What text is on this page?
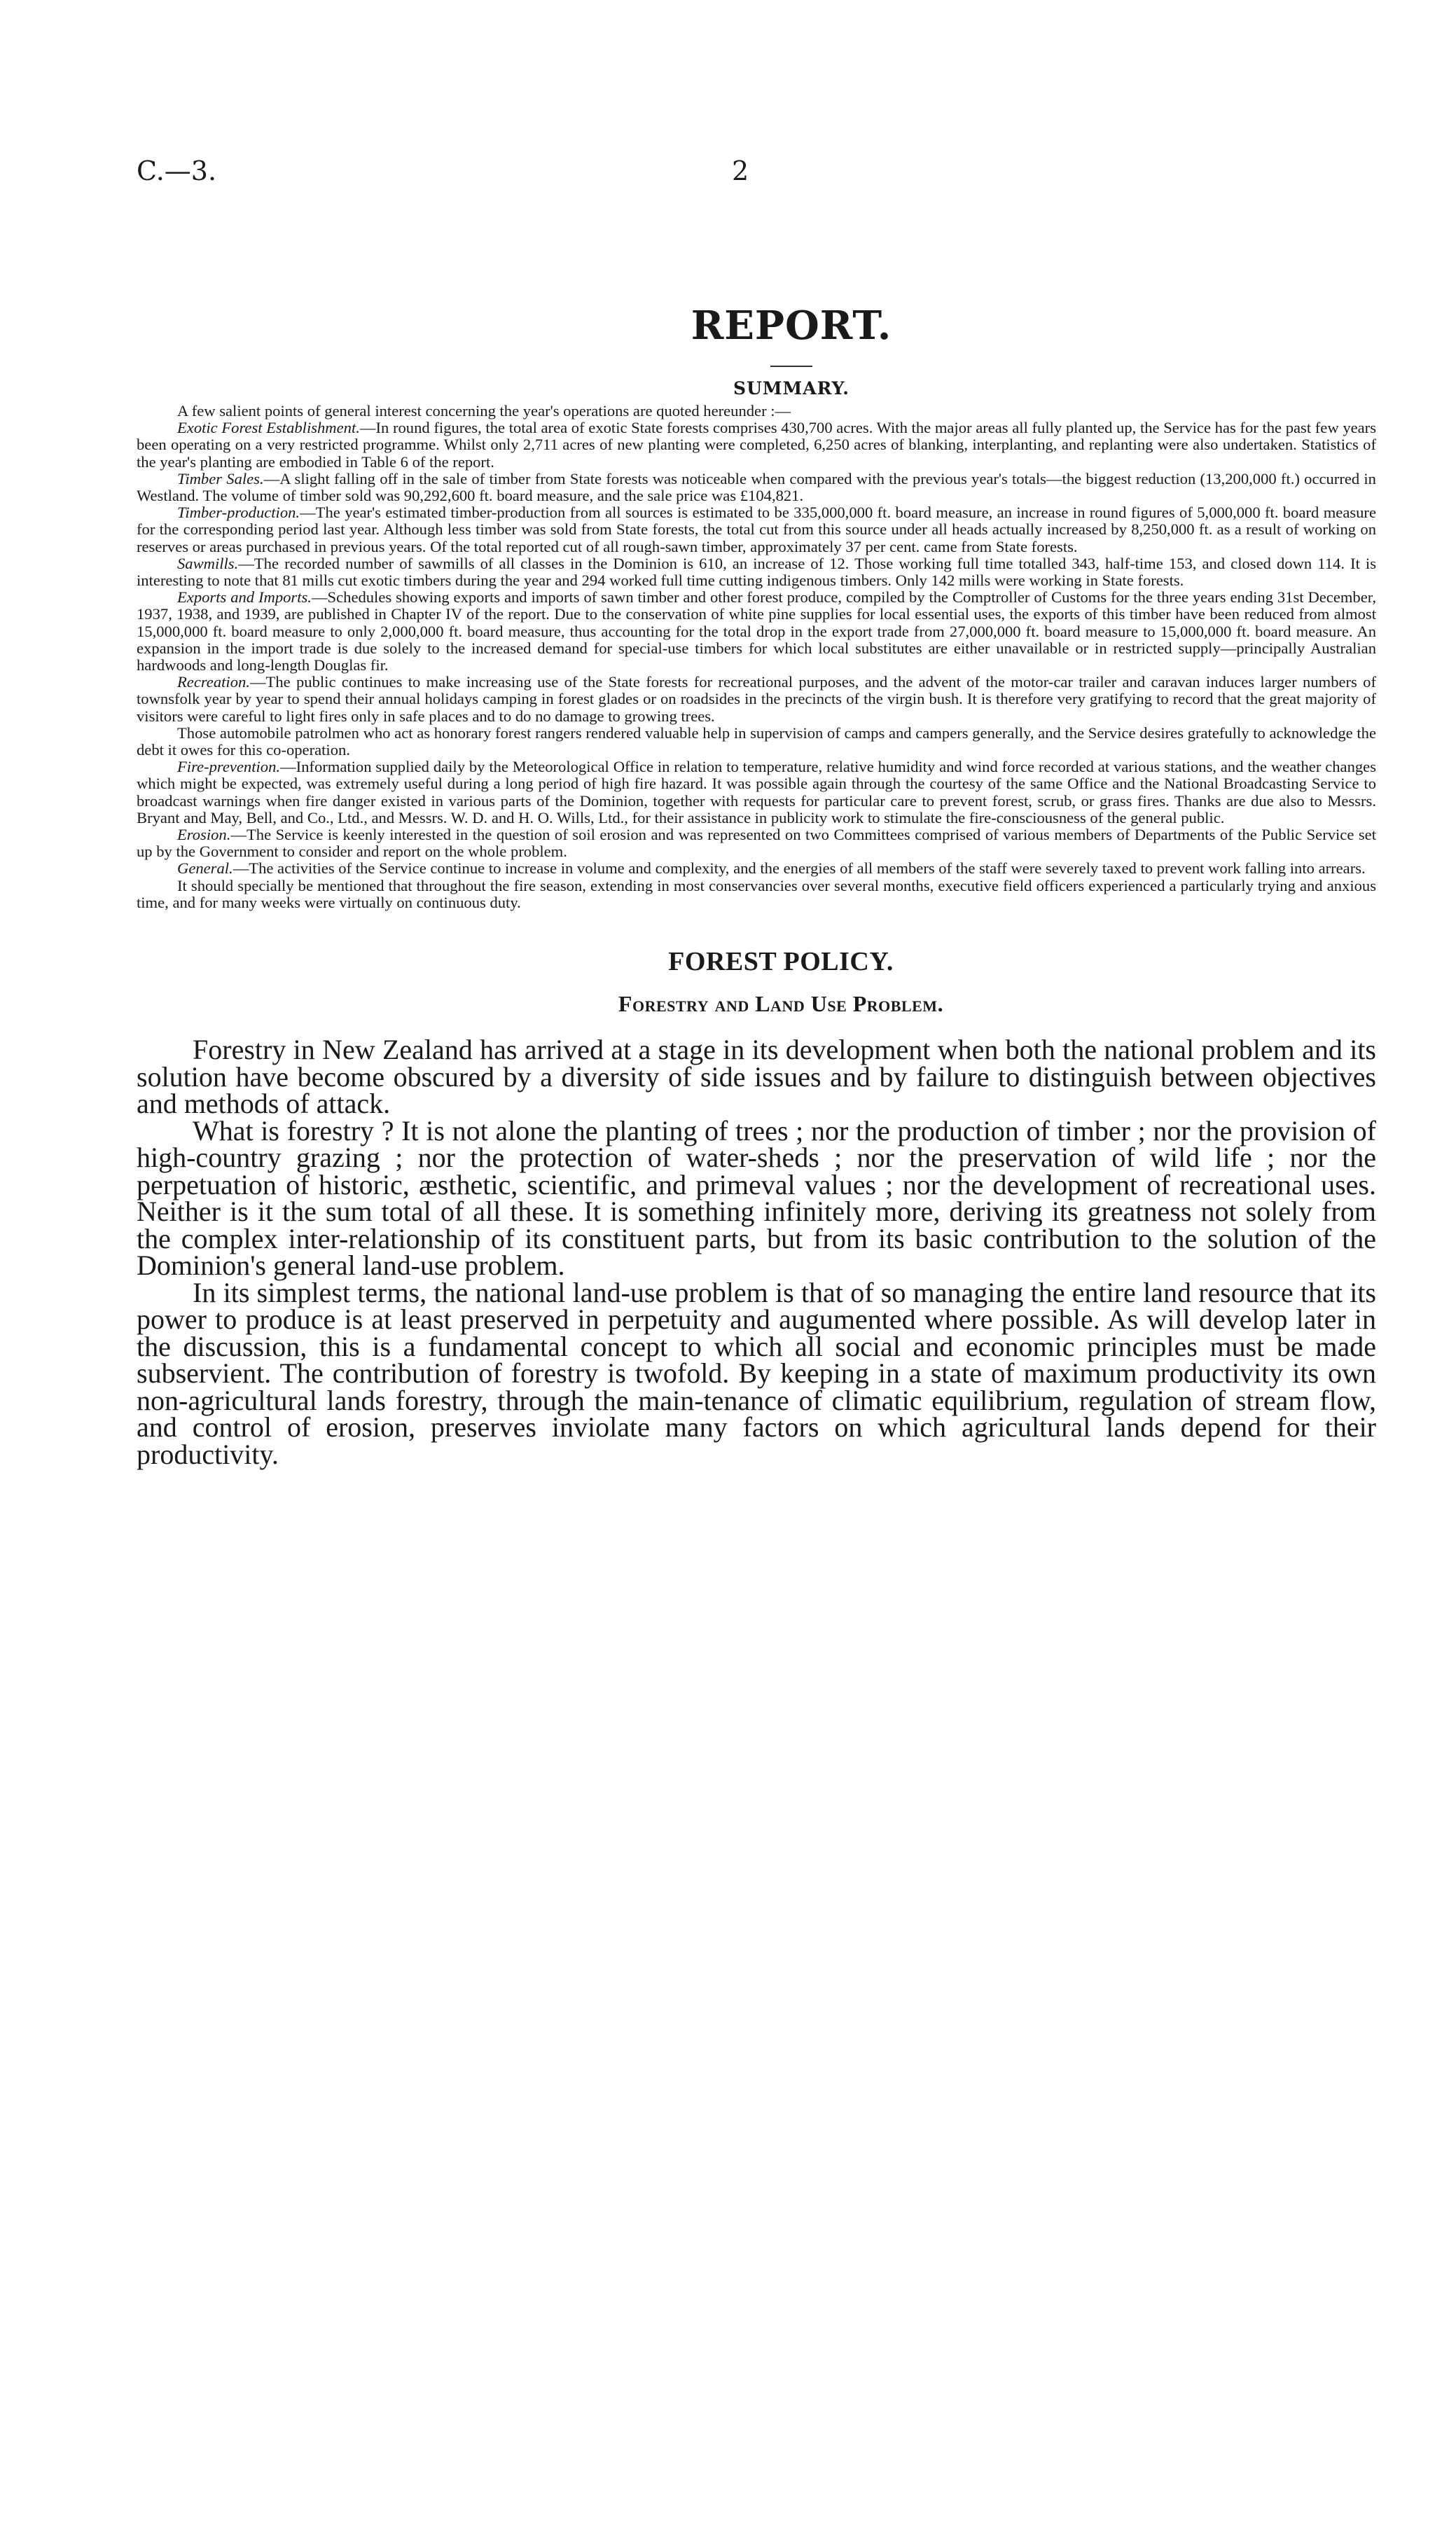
C.—3.	2
REPORT.
SUMMARY.

A few salient points of general interest concerning the year's operations are quoted hereunder :—

Exotic Forest Establishment.—In round figures, the total area of exotic State forests comprises 430,700 acres. With the major areas all fully planted up, the Service has for the past few years been operating on a very restricted programme. Whilst only 2,711 acres of new planting were completed, 6,250 acres of blanking, interplanting, and replanting were also undertaken. Statistics of the year's planting are embodied in Table 6 of the report.

Timber Sales.—A slight falling off in the sale of timber from State forests was noticeable when compared with the previous year's totals—the biggest reduction (13,200,000 ft.) occurred in Westland. The volume of timber sold was 90,292,600 ft. board measure, and the sale price was £104,821.

Timber-production.—The year's estimated timber-production from all sources is estimated to be 335,000,000 ft. board measure, an increase in round figures of 5,000,000 ft. board measure for the corresponding period last year. Although less timber was sold from State forests, the total cut from this source under all heads actually increased by 8,250,000 ft. as a result of working on reserves or areas purchased in previous years. Of the total reported cut of all rough-sawn timber, approximately 37 per cent. came from State forests.

Sawmills.—The recorded number of sawmills of all classes in the Dominion is 610, an increase of 12. Those working full time totalled 343, half-time 153, and closed down 114. It is interesting to note that 81 mills cut exotic timbers during the year and 294 worked full time cutting indigenous timbers. Only 142 mills were working in State forests.

Exports and Imports.—Schedules showing exports and imports of sawn timber and other forest produce, compiled by the Comptroller of Customs for the three years ending 31st December, 1937, 1938, and 1939, are published in Chapter IV of the report. Due to the conservation of white pine supplies for local essential uses, the exports of this timber have been reduced from almost 15,000,000 ft. board measure to only 2,000,000 ft. board measure, thus accounting for the total drop in the export trade from 27,000,000 ft. board measure to 15,000,000 ft. board measure. An expansion in the import trade is due solely to the increased demand for special-use timbers for which local substitutes are either unavailable or in restricted supply—principally Australian hardwoods and long-length Douglas fir.

Recreation.—The public continues to make increasing use of the State forests for recreational purposes, and the advent of the motor-car trailer and caravan induces larger numbers of townsfolk year by year to spend their annual holidays camping in forest glades or on roadsides in the precincts of the virgin bush. It is therefore very gratifying to record that the great majority of visitors were careful to light fires only in safe places and to do no damage to growing trees.

Those automobile patrolmen who act as honorary forest rangers rendered valuable help in supervision of camps and campers generally, and the Service desires gratefully to acknowledge the debt it owes for this co-operation.

Fire-prevention.—Information supplied daily by the Meteorological Office in relation to temperature, relative humidity and wind force recorded at various stations, and the weather changes which might be expected, was extremely useful during a long period of high fire hazard. It was possible again through the courtesy of the same Office and the National Broadcasting Service to broadcast warnings when fire danger existed in various parts of the Dominion, together with requests for particular care to prevent forest, scrub, or grass fires. Thanks are due also to Messrs. Bryant and May, Bell, and Co., Ltd., and Messrs. W. D. and H. O. Wills, Ltd., for their assistance in publicity work to stimulate the fire-consciousness of the general public.

Erosion.—The Service is keenly interested in the question of soil erosion and was represented on two Committees comprised of various members of Departments of the Public Service set up by the Government to consider and report on the whole problem.

General.—The activities of the Service continue to increase in volume and complexity, and the energies of all members of the staff were severely taxed to prevent work falling into arrears.

It should specially be mentioned that throughout the fire season, extending in most conservancies over several months, executive field officers experienced a particularly trying and anxious time, and for many weeks were virtually on continuous duty.

FOREST POLICY.
Forestry and Land Use Problem.

Forestry in New Zealand has arrived at a stage in its development when both the national problem and its solution have become obscured by a diversity of side issues and by failure to distinguish between objectives and methods of attack.

What is forestry ? It is not alone the planting of trees ; nor the production of timber ; nor the provision of high-country grazing ; nor the protection of water-sheds ; nor the preservation of wild life ; nor the perpetuation of historic, æsthetic, scientific, and primeval values ; nor the development of recreational uses. Neither is it the sum total of all these. It is something infinitely more, deriving its greatness not solely from the complex inter-relationship of its constituent parts, but from its basic contribution to the solution of the Dominion's general land-use problem.

In its simplest terms, the national land-use problem is that of so managing the entire land resource that its power to produce is at least preserved in perpetuity and augumented where possible. As will develop later in the discussion, this is a fundamental concept to which all social and economic principles must be made subservient. The contribution of forestry is twofold. By keeping in a state of maximum productivity its own non-agricultural lands forestry, through the main-tenance of climatic equilibrium, regulation of stream flow, and control of erosion, preserves inviolate many factors on which agricultural lands depend for their productivity.
